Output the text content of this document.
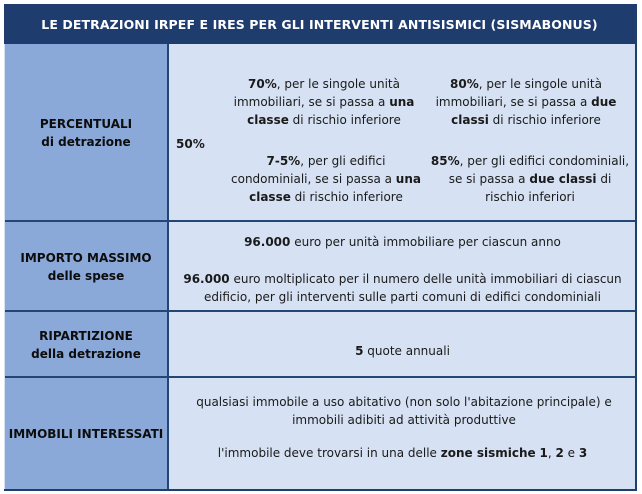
LE DETRAZIONI IRPEF E IRES PER GLI INTERVENTI ANTISISMICI (SISMABONUS)
PERCENTUALI
di detrazione	50%
70%, per le singole unità immobiliari, se si passa a una classe di rischio inferiore
80%, per le singole unità immobiliari, se si passa a due classi di rischio inferiore
7-5%, per gli edifici condominiali, se si passa a una classe di rischio inferiore
85%, per gli edifici condominiali, se si passa a due classi di rischio inferiori
IMPORTO MASSIMO
delle spese
96.000 euro per unità immobiliare per ciascun anno
96.000 euro moltiplicato per il numero delle unità immobiliari di ciascun edificio, per gli interventi sulle parti comuni di edifici condominiali
RIPARTIZIONE
della detrazione	5 quote annuali
IMMOBILI INTERESSATI
qualsiasi immobile a uso abitativo (non solo l'abitazione principale) e immobili adibiti ad attività produttive
l'immobile deve trovarsi in una delle zone sismiche 1, 2 e 3
